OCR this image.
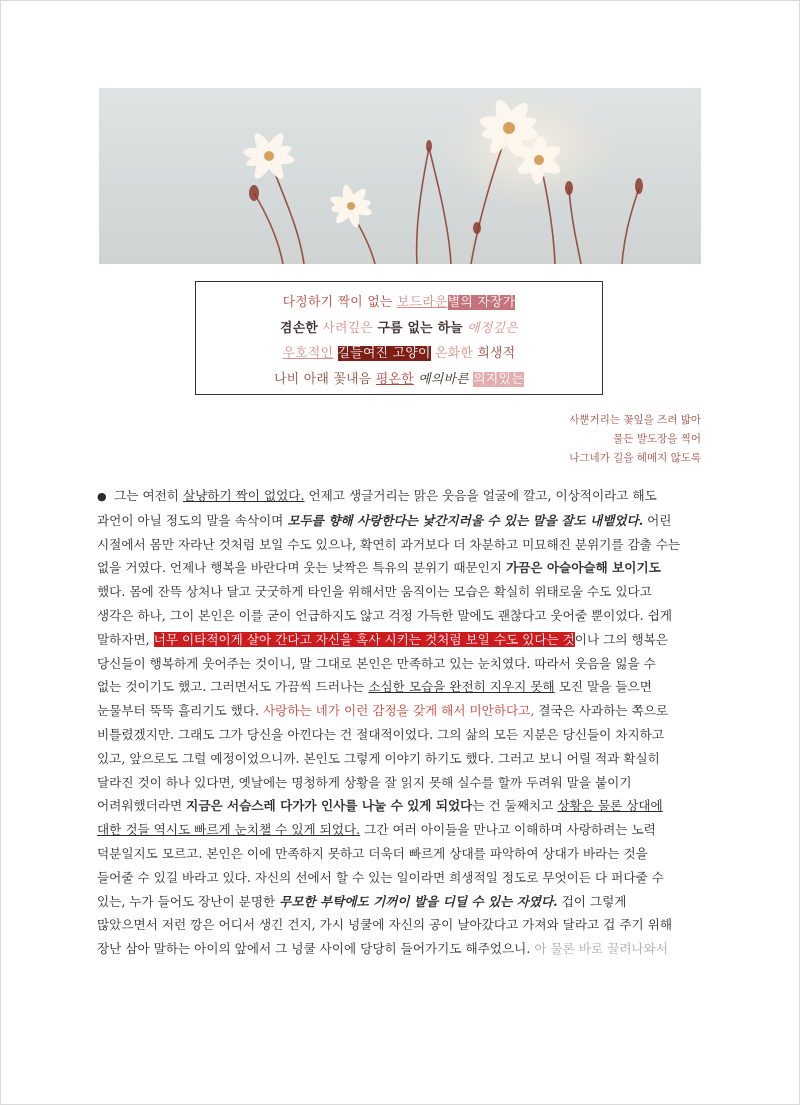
다정하기 짝이 없는 보드라운별의 자장가
겸손한 사려깊은 구름 없는 하늘 애정깊은
우호적인 길들여진 고양이 온화한 희생적
나비 아래 꽃내음 평온한 예의바른 의지있는
사뿐거리는 꽃잎을 즈려 밟아
물든 발도장을 찍어
나그네가 길을 헤메지 않도록
● 그는 여전히 살냥하기 짝이 없었다. 언제고 생글거리는 맑은 웃음을 얼굴에 깔고, 이상적이라고 해도
과언이 아닐 정도의 말을 속삭이며 모두를 향해 사랑한다는 낯간지러울 수 있는 말을 잘도 내뱉었다. 어린
시절에서 몸만 자라난 것처럼 보일 수도 있으나, 확연히 과거보다 더 차분하고 미묘해진 분위기를 감출 수는
없을 거였다. 언제나 행복을 바란다며 웃는 낮짝은 특유의 분위기 때문인지 가끔은 아슬아슬해 보이기도
했다. 몸에 잔뜩 상처나 달고 굿굿하게 타인을 위해서만 움직이는 모습은 확실히 위태로울 수도 있다고
생각은 하나, 그이 본인은 이를 굳이 언급하지도 않고 걱정 가득한 말에도 괜찮다고 웃어줄 뿐이었다. 쉽게
말하자면, 너무 이타적이게 살아 간다고 자신을 혹사 시키는 것처럼 보일 수도 있다는 것이나 그의 행복은
당신들이 행복하게 웃어주는 것이니, 말 그대로 본인은 만족하고 있는 눈치였다. 따라서 웃음을 잃을 수
없는 것이기도 했고. 그러면서도 가끔씩 드러나는 소심한 모습을 완전히 지우지 못해 모진 말을 들으면
눈물부터 뚝뚝 흘리기도 했다. 사랑하는 네가 이런 감정을 갖게 해서 미안하다고, 결국은 사과하는 쪽으로
비틀렸겠지만. 그래도 그가 당신을 아낀다는 건 절대적이었다. 그의 삶의 모든 지분은 당신들이 차지하고
있고, 앞으로도 그럴 예정이었으니까. 본인도 그렇게 이야기 하기도 했다. 그러고 보니 어릴 적과 확실히
달라진 것이 하나 있다면, 옛날에는 명청하게 상황을 잘 읽지 못해 실수를 할까 두려워 말을 붙이기
어려워했더라면 지금은 서슴스레 다가가 인사를 나눌 수 있게 되었다는 건 둘째치고 상황은 물론 상대에
대한 것들 역시도 빠르게 눈치챌 수 있게 되었다. 그간 여러 아이들을 만나고 이해하며 사랑하려는 노력
덕분일지도 모르고. 본인은 이에 만족하지 못하고 더욱더 빠르게 상대를 파악하여 상대가 바라는 것을
들어줄 수 있길 바라고 있다. 자신의 선에서 할 수 있는 일이라면 희생적일 정도로 무엇이든 다 퍼다줄 수
있는, 누가 들어도 장난이 분명한 무모한 부탁에도 기꺼이 발을 디딜 수 있는 자였다. 겁이 그렇게
많았으면서 저런 깡은 어디서 생긴 건지, 가시 넝쿨에 자신의 공이 날아갔다고 가져와 달라고 겁 주기 위해
장난 삼아 말하는 아이의 앞에서 그 넝쿨 사이에 당당히 들어가기도 해주었으니. 아 물론 바로 끌려나와서
